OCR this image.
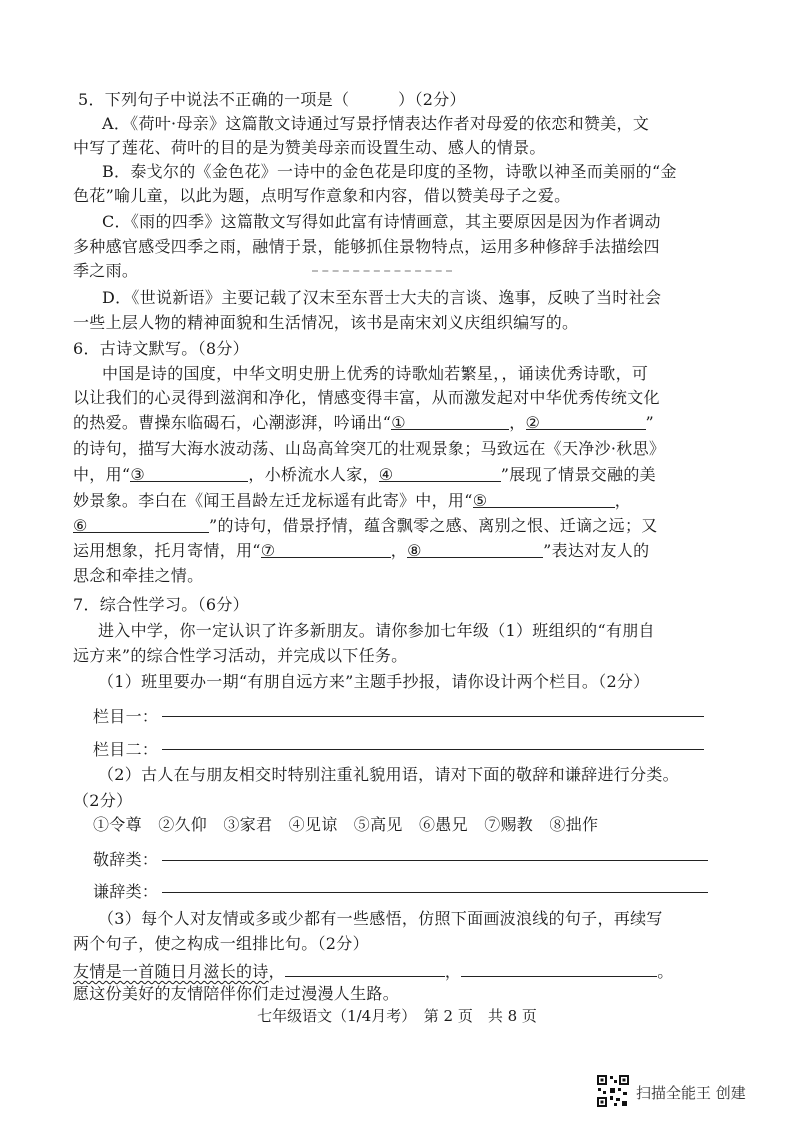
5．下列句子中说法不正确的一项是（　　　）（2分）
A．《荷叶·母亲》这篇散文诗通过写景抒情表达作者对母爱的依恋和赞美，文
中写了莲花、荷叶的目的是为赞美母亲而设置生动、感人的情景。
B．泰戈尔的《金色花》一诗中的金色花是印度的圣物，诗歌以神圣而美丽的“金
色花”喻儿童，以此为题，点明写作意象和内容，借以赞美母子之爱。
C．《雨的四季》这篇散文写得如此富有诗情画意，其主要原因是因为作者调动
多种感官感受四季之雨，融情于景，能够抓住景物特点，运用多种修辞手法描绘四
季之雨。
D．《世说新语》主要记载了汉末至东晋士大夫的言谈、逸事，反映了当时社会
一些上层人物的精神面貌和生活情况，该书是南宋刘义庆组织编写的。
6．古诗文默写。（8分）
中国是诗的国度，中华文明史册上优秀的诗歌灿若繁星，，诵读优秀诗歌，可
以让我们的心灵得到滋润和净化，情感变得丰富，从而激发起对中华优秀传统文化
的热爱。曹操东临碣石，心潮澎湃，吟诵出“①	，②	”
的诗句，描写大海水波动荡、山岛高耸突兀的壮观景象；马致远在《天净沙·秋思》
中，用“③	，小桥流水人家，④	”展现了情景交融的美
妙景象。李白在《闻王昌龄左迁龙标遥有此寄》中，用“⑤	，
⑥	”的诗句，借景抒情，蕴含飘零之感、离别之恨、迁谪之远；又
运用想象，托月寄情，用“⑦	，⑧	”表达对友人的
思念和牵挂之情。
7．综合性学习。（6分）
进入中学，你一定认识了许多新朋友。请你参加七年级（1）班组织的“有朋自
远方来”的综合性学习活动，并完成以下任务。
（1）班里要办一期“有朋自远方来”主题手抄报，请你设计两个栏目。（2分）
栏目一：
栏目二：
（2）古人在与朋友相交时特别注重礼貌用语，请对下面的敬辞和谦辞进行分类。
（2分）
①令尊　②久仰　③家君　④见谅　⑤高见　⑥愚兄　⑦赐教　⑧拙作
敬辞类：
谦辞类：
（3）每个人对友情或多或少都有一些感悟，仿照下面画波浪线的句子，再续写
两个句子，使之构成一组排比句。（2分）
友情是一首随日月滋长的诗，	，	。
愿这份美好的友情陪伴你们走过漫漫人生路。
七年级语文（1/4月考）　第 2 页　共 8 页
扫描全能王 创建
